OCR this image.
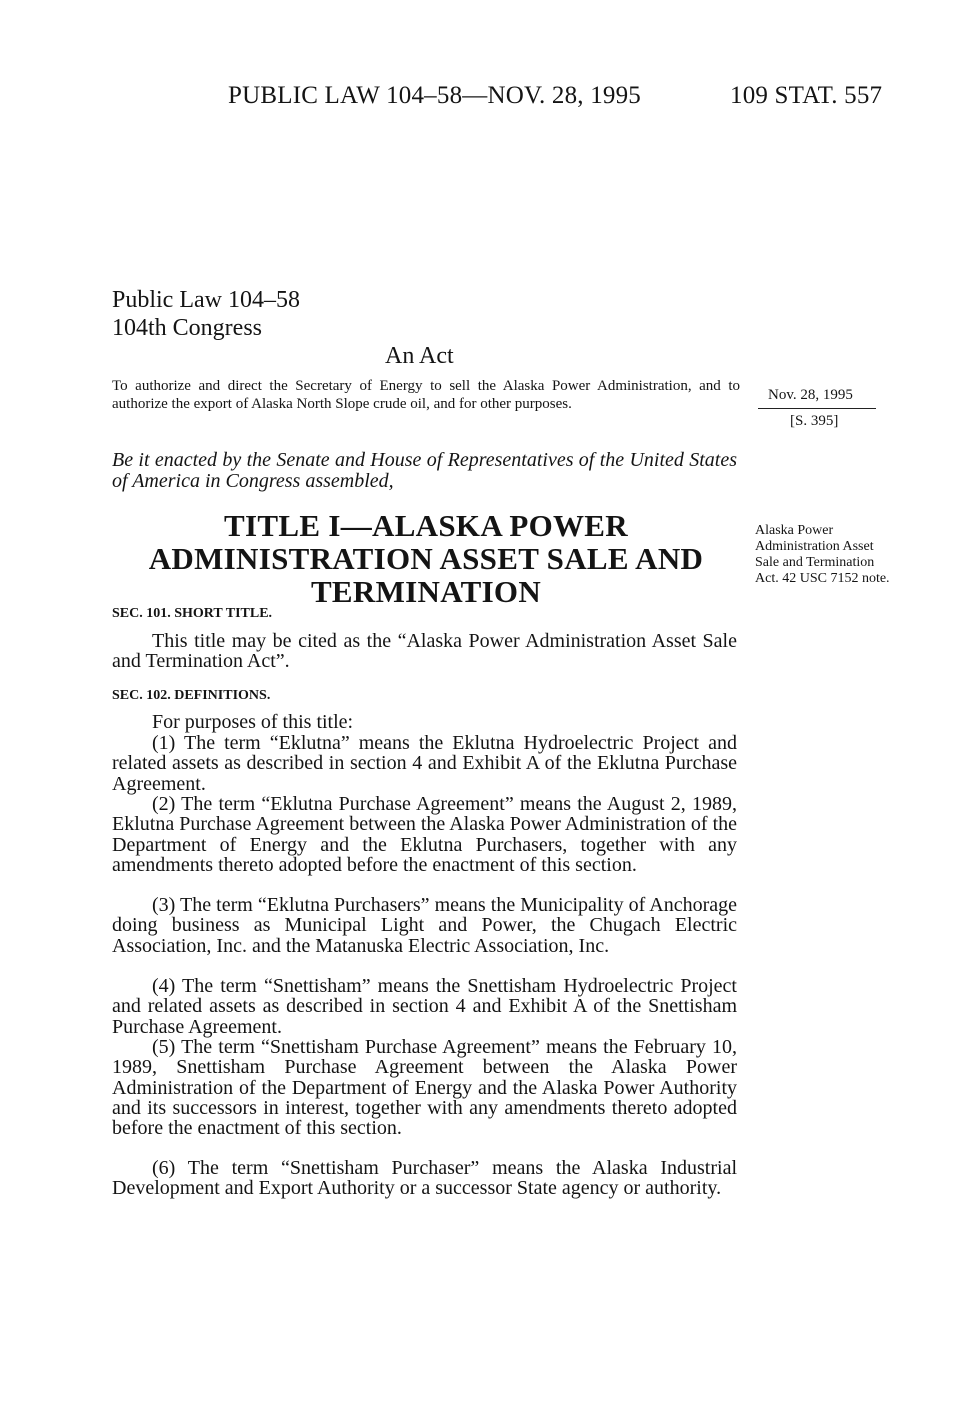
PUBLIC LAW 104–58—NOV. 28, 1995	109 STAT. 557
Public Law 104–58
104th Congress
An Act
To authorize and direct the Secretary of Energy to sell the Alaska Power Administration, and to authorize the export of Alaska North Slope crude oil, and for other purposes.
Nov. 28, 1995
[S. 395]
Be it enacted by the Senate and House of Representatives of the United States of America in Congress assembled,
TITLE I—ALASKA POWER ADMINISTRATION ASSET SALE AND TERMINATION
Alaska Power Administration Asset Sale and Termination Act. 42 USC 7152 note.
SEC. 101. SHORT TITLE.
This title may be cited as the “Alaska Power Administration Asset Sale and Termination Act”.
SEC. 102. DEFINITIONS.
For purposes of this title:
(1) The term “Eklutna” means the Eklutna Hydroelectric Project and related assets as described in section 4 and Exhibit A of the Eklutna Purchase Agreement.
(2) The term “Eklutna Purchase Agreement” means the August 2, 1989, Eklutna Purchase Agreement between the Alaska Power Administration of the Department of Energy and the Eklutna Purchasers, together with any amendments thereto adopted before the enactment of this section.
(3) The term “Eklutna Purchasers” means the Municipality of Anchorage doing business as Municipal Light and Power, the Chugach Electric Association, Inc. and the Matanuska Electric Association, Inc.
(4) The term “Snettisham” means the Snettisham Hydroelectric Project and related assets as described in section 4 and Exhibit A of the Snettisham Purchase Agreement.
(5) The term “Snettisham Purchase Agreement” means the February 10, 1989, Snettisham Purchase Agreement between the Alaska Power Administration of the Department of Energy and the Alaska Power Authority and its successors in interest, together with any amendments thereto adopted before the enactment of this section.
(6) The term “Snettisham Purchaser” means the Alaska Industrial Development and Export Authority or a successor State agency or authority.
